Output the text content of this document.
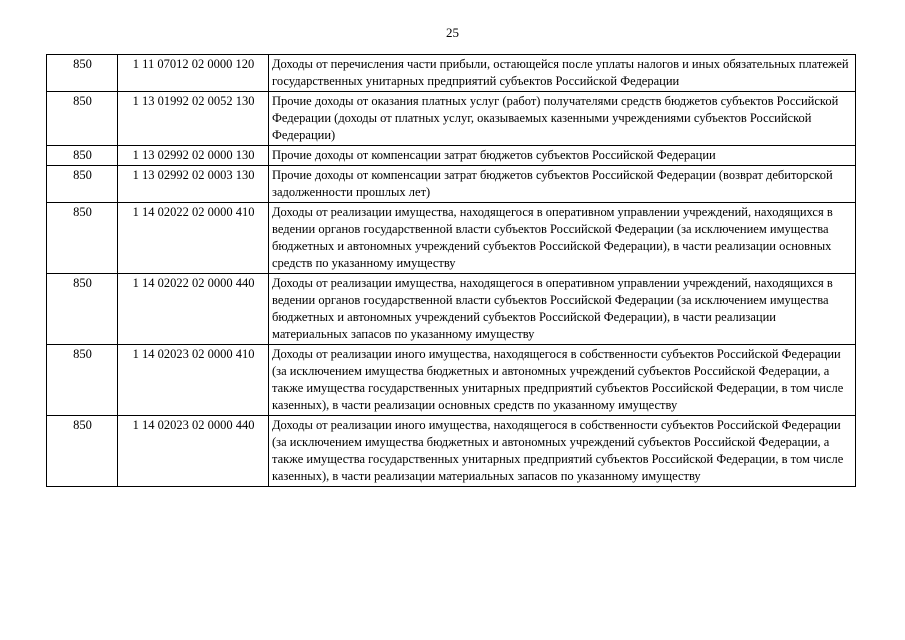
25
850	1 11 07012 02 0000 120	Доходы от перечисления части прибыли, остающейся после уплаты налогов и иных обязательных платежей государственных унитарных предприятий субъектов Российской Федерации
850	1 13 01992 02 0052 130	Прочие доходы от оказания платных услуг (работ) получателями средств бюджетов субъектов Российской Федерации (доходы от платных услуг, оказываемых казенными учреждениями субъектов Российской Федерации)
850	1 13 02992 02 0000 130	Прочие доходы от компенсации затрат бюджетов субъектов Российской Федерации
850	1 13 02992 02 0003 130	Прочие доходы от компенсации затрат бюджетов субъектов Российской Федерации (возврат дебиторской задолженности прошлых лет)
850	1 14 02022 02 0000 410	Доходы от реализации имущества, находящегося в оперативном управлении учреждений, находящихся в ведении органов государственной власти субъектов Российской Федерации (за исключением имущества бюджетных и автономных учреждений субъектов Российской Федерации), в части реализации основных средств по указанному имуществу
850	1 14 02022 02 0000 440	Доходы от реализации имущества, находящегося в оперативном управлении учреждений, находящихся в ведении органов государственной власти субъектов Российской Федерации (за исключением имущества бюджетных и автономных учреждений субъектов Российской Федерации), в части реализации материальных запасов по указанному имуществу
850	1 14 02023 02 0000 410	Доходы от реализации иного имущества, находящегося в собственности субъектов Российской Федерации (за исключением имущества бюджетных и автономных учреждений субъектов Российской Федерации, а также имущества государственных унитарных предприятий субъектов Российской Федерации, в том числе казенных), в части реализации основных средств по указанному имуществу
850	1 14 02023 02 0000 440	Доходы от реализации иного имущества, находящегося в собственности субъектов Российской Федерации (за исключением имущества бюджетных и автономных учреждений субъектов Российской Федерации, а также имущества государственных унитарных предприятий субъектов Российской Федерации, в том числе казенных), в части реализации материальных запасов по указанному имуществу
